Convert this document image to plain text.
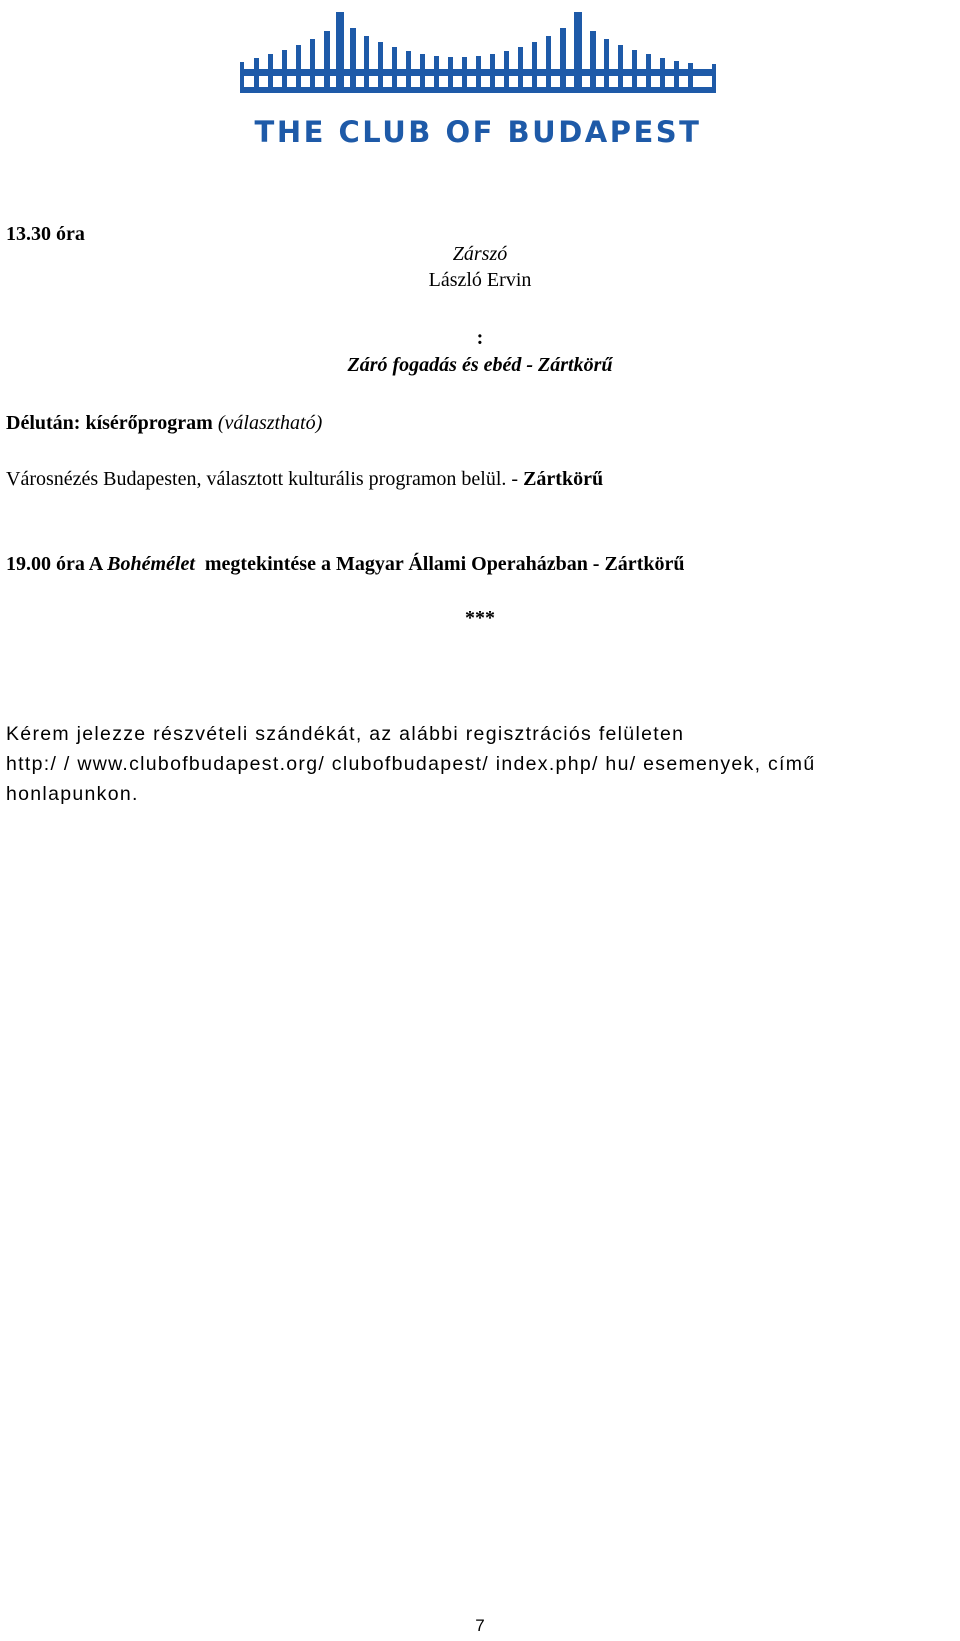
THE CLUB OF BUDAPEST
13.30 óra
Zárszó
László Ervin
:
Záró fogadás és ebéd - Zártkörű
Délután: kísérőprogram (választható)
Városnézés Budapesten, választott kulturális programon belül. - Zártkörű
19.00 óra A Bohémélet megtekintése a Magyar Állami Operaházban - Zártkörű
***
Kérem jelezze részvételi szándékát, az alábbi regisztrációs felületen
http:/ / www.clubofbudapest.org/ clubofbudapest/ index.php/ hu/ esemenyek, című
honlapunkon.
7
